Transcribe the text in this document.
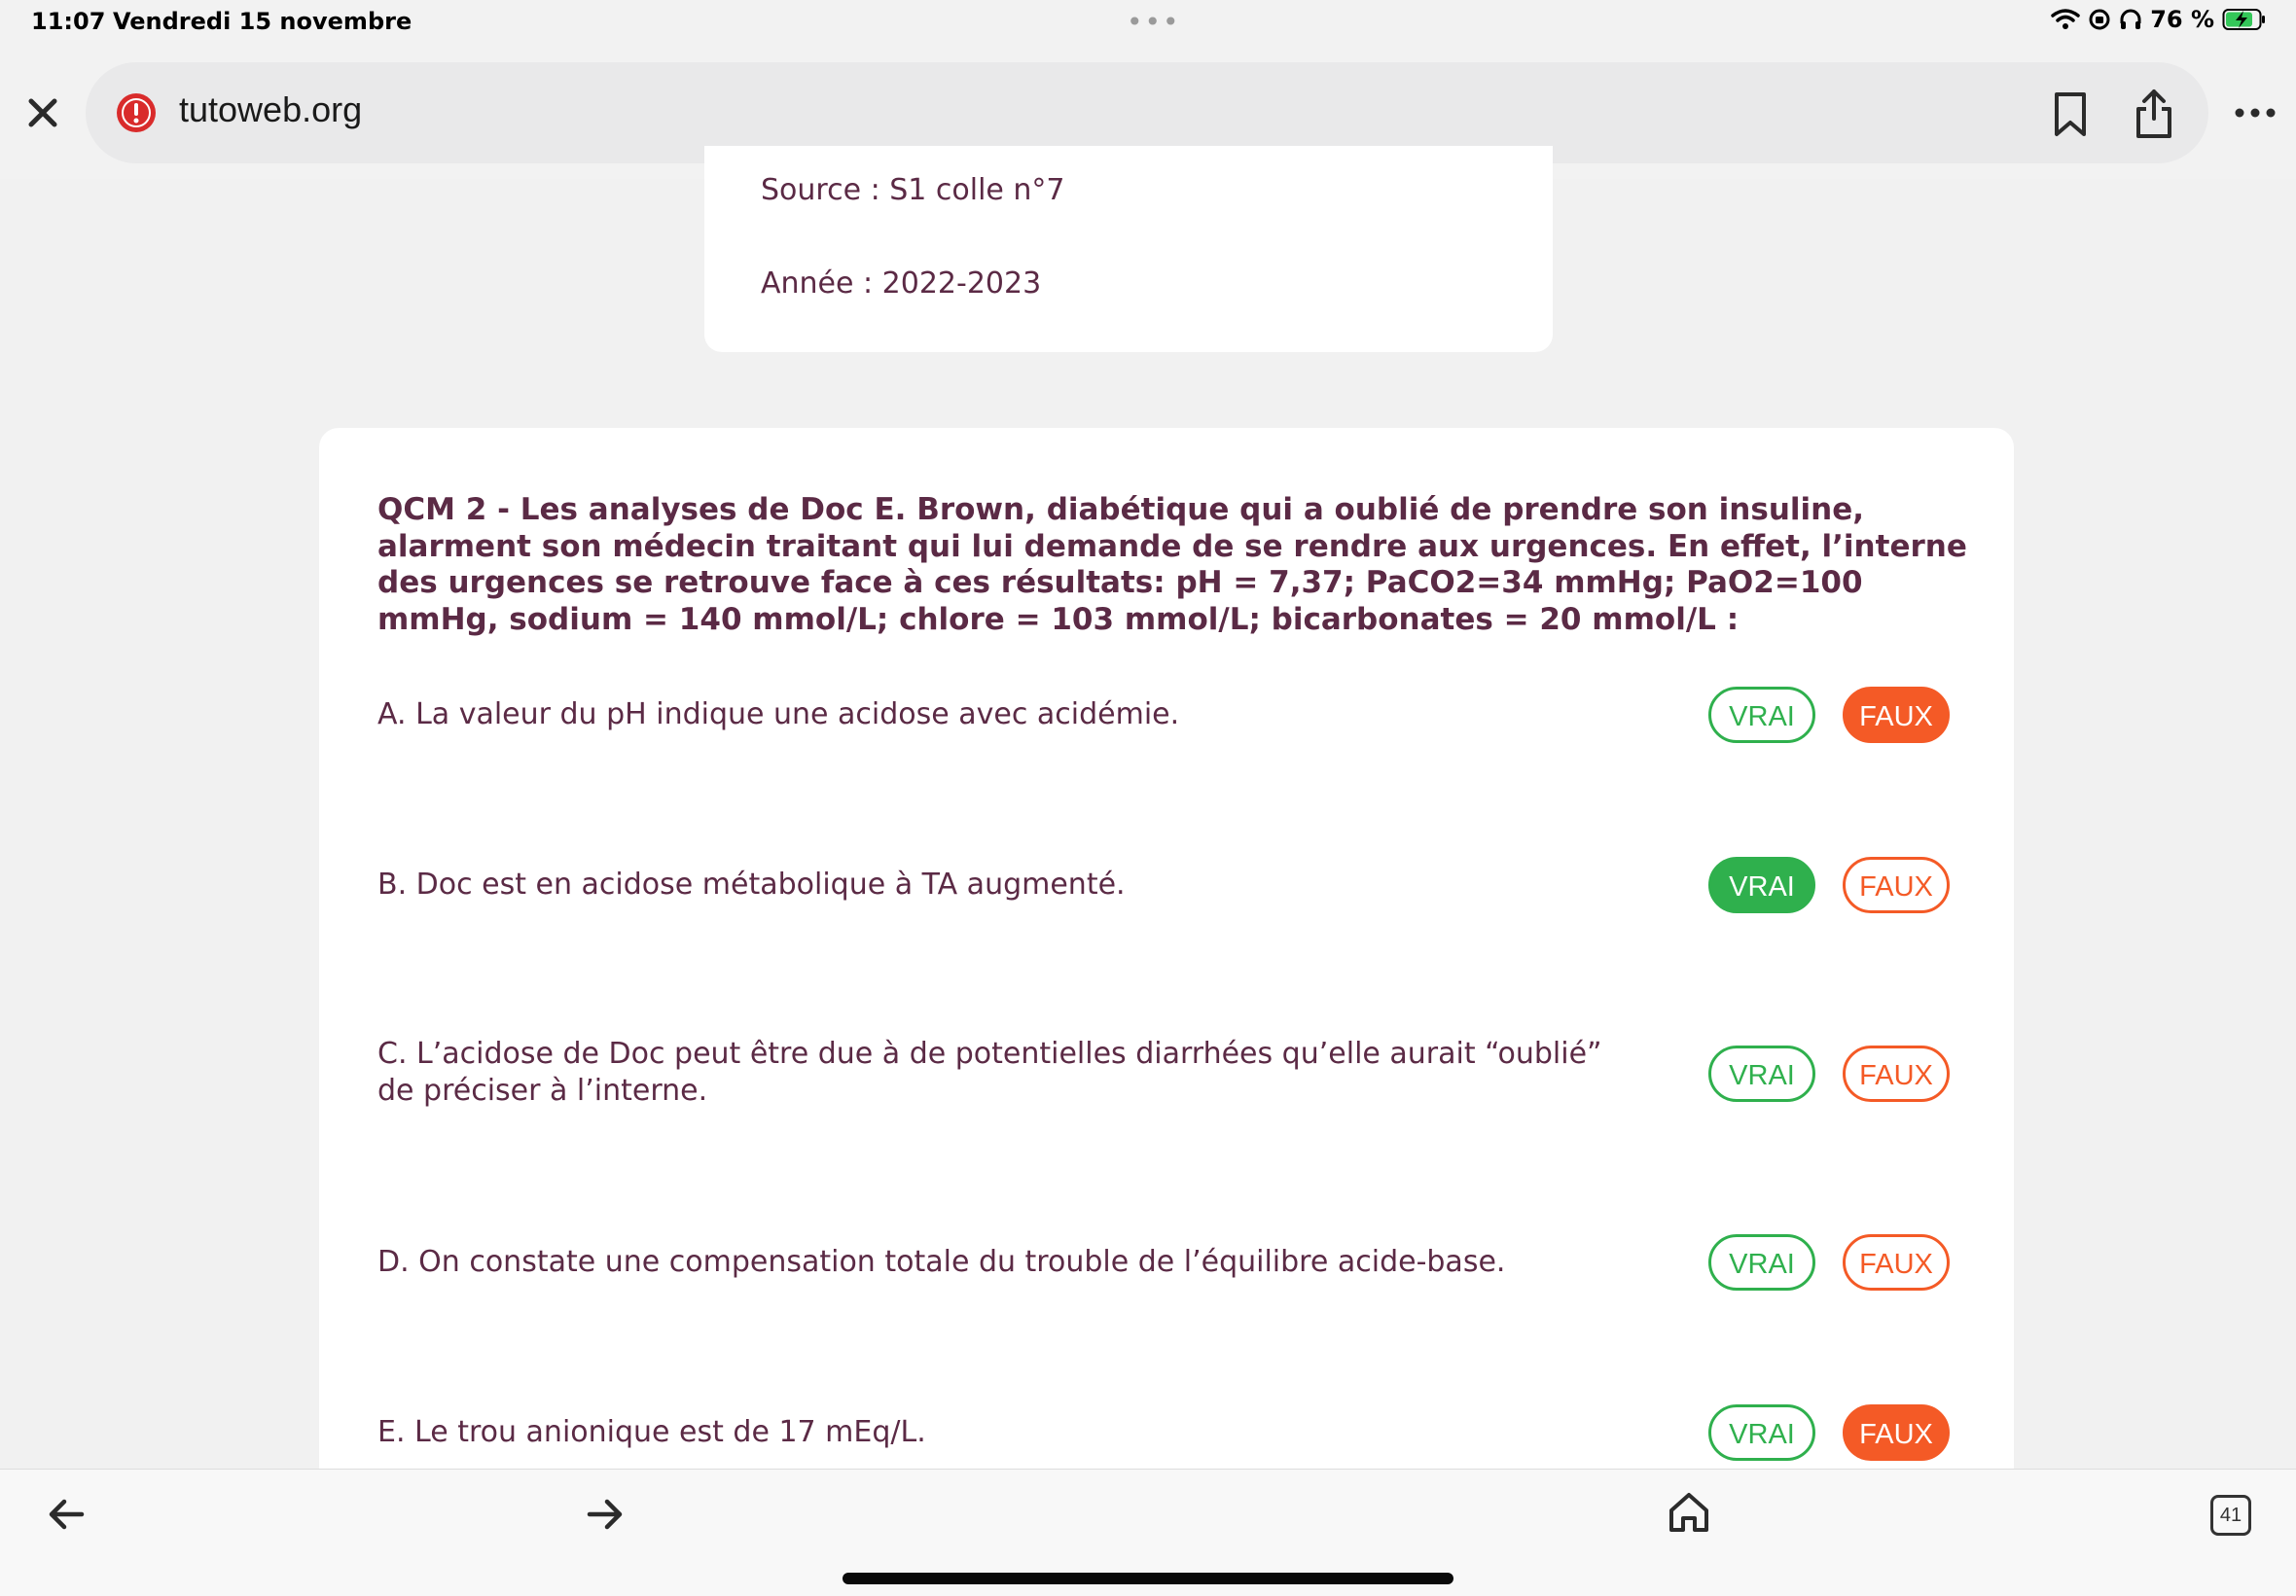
11:07 Vendredi 15 novembre	•••	76 %
tutoweb.org
Source : S1 colle n°7
Année : 2022-2023
QCM 2 - Les analyses de Doc E. Brown, diabétique qui a oublié de prendre son insuline, alarment son médecin traitant qui lui demande de se rendre aux urgences. En effet, l’interne des urgences se retrouve face à ces résultats: pH = 7,37; PaCO2=34 mmHg; PaO2=100 mmHg, sodium = 140 mmol/L; chlore = 103 mmol/L; bicarbonates = 20 mmol/L :
A. La valeur du pH indique une acidose avec acidémie.	VRAI	FAUX
B. Doc est en acidose métabolique à TA augmenté.	VRAI	FAUX
C. L’acidose de Doc peut être due à de potentielles diarrhées qu’elle aurait “oublié” de préciser à l’interne.	VRAI	FAUX
D. On constate une compensation totale du trouble de l’équilibre acide-base.	VRAI	FAUX
E. Le trou anionique est de 17 mEq/L.	VRAI	FAUX
41
